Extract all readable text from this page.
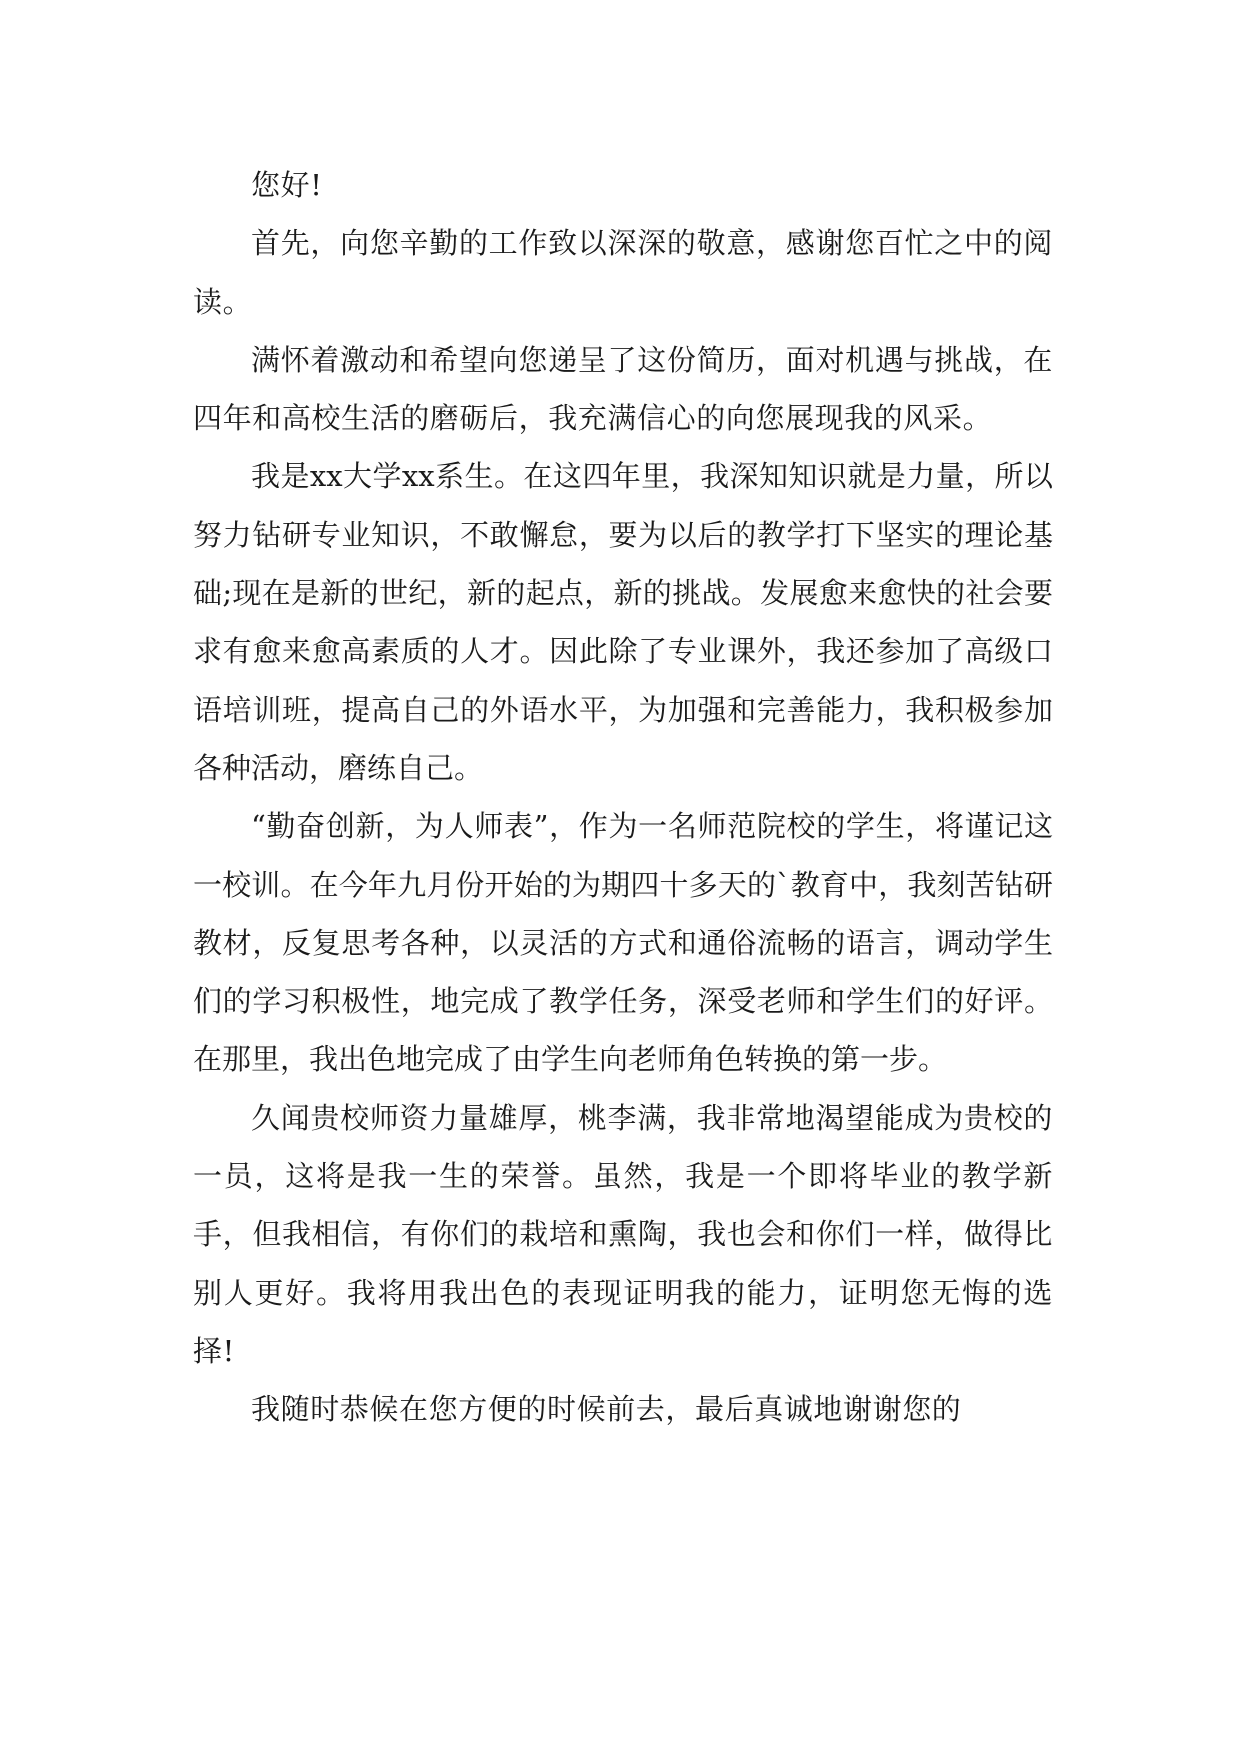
您好!

首先，向您辛勤的工作致以深深的敬意，感谢您百忙之中的阅读。

满怀着激动和希望向您递呈了这份简历，面对机遇与挑战，在四年和高校生活的磨砺后，我充满信心的向您展现我的风采。

我是xx大学xx系生。在这四年里，我深知知识就是力量，所以努力钻研专业知识，不敢懈怠，要为以后的教学打下坚实的理论基础;现在是新的世纪，新的起点，新的挑战。发展愈来愈快的社会要求有愈来愈高素质的人才。因此除了专业课外，我还参加了高级口语培训班，提高自己的外语水平，为加强和完善能力，我积极参加各种活动，磨练自己。

“勤奋创新，为人师表”，作为一名师范院校的学生，将谨记这一校训。在今年九月份开始的为期四十多天的`教育中，我刻苦钻研教材，反复思考各种，以灵活的方式和通俗流畅的语言，调动学生们的学习积极性，地完成了教学任务，深受老师和学生们的好评。在那里，我出色地完成了由学生向老师角色转换的第一步。

久闻贵校师资力量雄厚，桃李满，我非常地渴望能成为贵校的一员，这将是我一生的荣誉。虽然，我是一个即将毕业的教学新手，但我相信，有你们的栽培和熏陶，我也会和你们一样，做得比别人更好。我将用我出色的表现证明我的能力，证明您无悔的选择!

我随时恭候在您方便的时候前去，最后真诚地谢谢您的
